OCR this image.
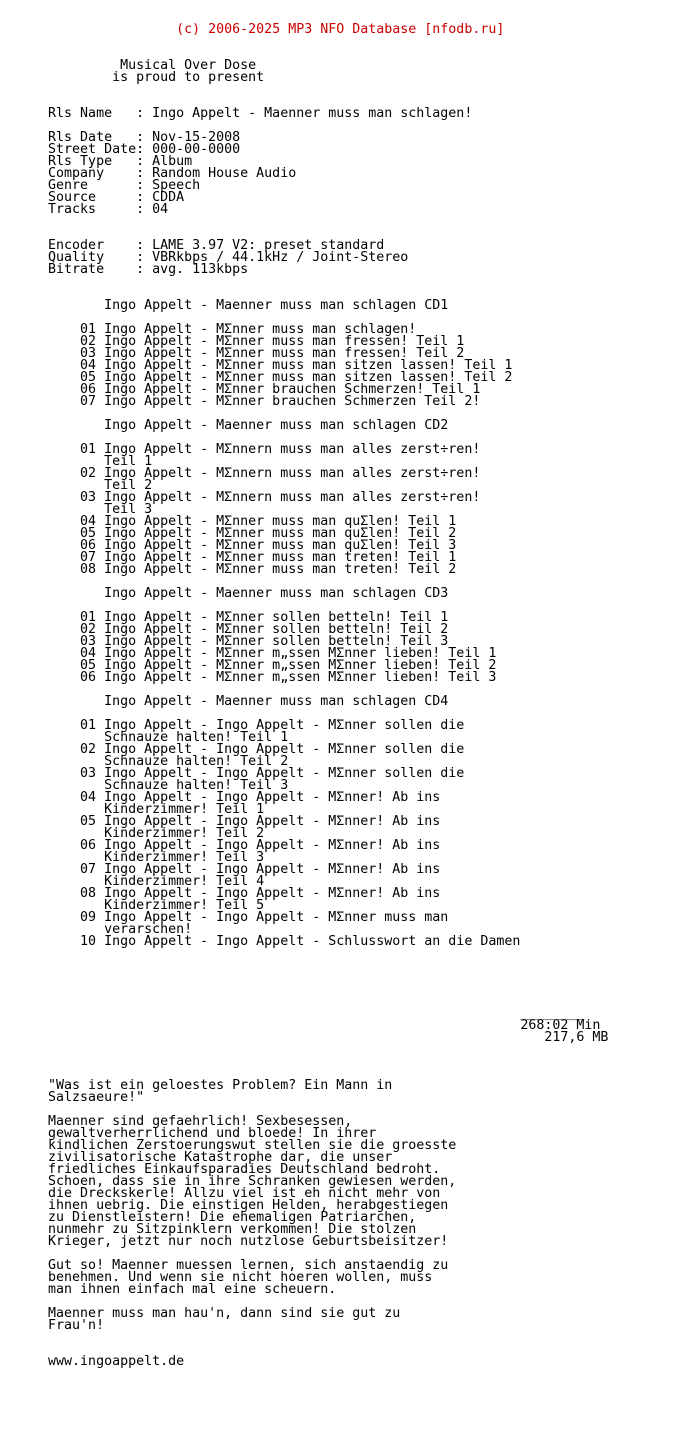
(c) 2006-2025 MP3 NFO Database [nfodb.ru]

Musical Over Dose
is proud to present
Rls Name   : Ingo Appelt - Maenner muss man schlagen!
Rls Date   : Nov-15-2008
Street Date: 000-00-0000
Rls Type   : Album
Company    : Random House Audio
Genre      : Speech
Source     : CDDA
Tracks     : 04
Encoder    : LAME 3.97 V2: preset standard
Quality    : VBRkbps / 44.1kHz / Joint-Stereo
Bitrate    : avg. 113kbps
Ingo Appelt - Maenner muss man schlagen CD1
01 Ingo Appelt - MΣnner muss man schlagen!
02 Ingo Appelt - MΣnner muss man fressen! Teil 1
03 Ingo Appelt - MΣnner muss man fressen! Teil 2
04 Ingo Appelt - MΣnner muss man sitzen lassen! Teil 1
05 Ingo Appelt - MΣnner muss man sitzen lassen! Teil 2
06 Ingo Appelt - MΣnner brauchen Schmerzen! Teil 1
07 Ingo Appelt - MΣnner brauchen Schmerzen Teil 2!
Ingo Appelt - Maenner muss man schlagen CD2
01 Ingo Appelt - MΣnnern muss man alles zerst÷ren!
Teil 1
02 Ingo Appelt - MΣnnern muss man alles zerst÷ren!
Teil 2
03 Ingo Appelt - MΣnnern muss man alles zerst÷ren!
Teil 3
04 Ingo Appelt - MΣnner muss man quΣlen! Teil 1
05 Ingo Appelt - MΣnner muss man quΣlen! Teil 2
06 Ingo Appelt - MΣnner muss man quΣlen! Teil 3
07 Ingo Appelt - MΣnner muss man treten! Teil 1
08 Ingo Appelt - MΣnner muss man treten! Teil 2
Ingo Appelt - Maenner muss man schlagen CD3
01 Ingo Appelt - MΣnner sollen betteln! Teil 1
02 Ingo Appelt - MΣnner sollen betteln! Teil 2
03 Ingo Appelt - MΣnner sollen betteln! Teil 3
04 Ingo Appelt - MΣnner m„ssen MΣnner lieben! Teil 1
05 Ingo Appelt - MΣnner m„ssen MΣnner lieben! Teil 2
06 Ingo Appelt - MΣnner m„ssen MΣnner lieben! Teil 3
Ingo Appelt - Maenner muss man schlagen CD4
01 Ingo Appelt - Ingo Appelt - MΣnner sollen die
Schnauze halten! Teil 1
02 Ingo Appelt - Ingo Appelt - MΣnner sollen die
Schnauze halten! Teil 2
03 Ingo Appelt - Ingo Appelt - MΣnner sollen die
Schnauze halten! Teil 3
04 Ingo Appelt - Ingo Appelt - MΣnner! Ab ins
Kinderzimmer! Teil 1
05 Ingo Appelt - Ingo Appelt - MΣnner! Ab ins
Kinderzimmer! Teil 2
06 Ingo Appelt - Ingo Appelt - MΣnner! Ab ins
Kinderzimmer! Teil 3
07 Ingo Appelt - Ingo Appelt - MΣnner! Ab ins
Kinderzimmer! Teil 4
08 Ingo Appelt - Ingo Appelt - MΣnner! Ab ins
Kinderzimmer! Teil 5
09 Ingo Appelt - Ingo Appelt - MΣnner muss man
verarschen!
10 Ingo Appelt - Ingo Appelt - Schlusswort an die Damen
________
268:02 Min
217,6 MB
"Was ist ein geloestes Problem? Ein Mann in
Salzsaeure!"
Maenner sind gefaehrlich! Sexbesessen,
gewaltverherrlichend und bloede! In ihrer
kindlichen Zerstoerungswut stellen sie die groesste
zivilisatorische Katastrophe dar, die unser
friedliches Einkaufsparadies Deutschland bedroht.
Schoen, dass sie in ihre Schranken gewiesen werden,
die Dreckskerle! Allzu viel ist eh nicht mehr von
ihnen uebrig. Die einstigen Helden, herabgestiegen
zu Dienstleistern! Die ehemaligen Patriarchen,
nunmehr zu Sitzpinklern verkommen! Die stolzen
Krieger, jetzt nur noch nutzlose Geburtsbeisitzer!
Gut so! Maenner muessen lernen, sich anstaendig zu
benehmen. Und wenn sie nicht hoeren wollen, muss
man ihnen einfach mal eine scheuern.
Maenner muss man hau'n, dann sind sie gut zu
Frau'n!
www.ingoappelt.de
